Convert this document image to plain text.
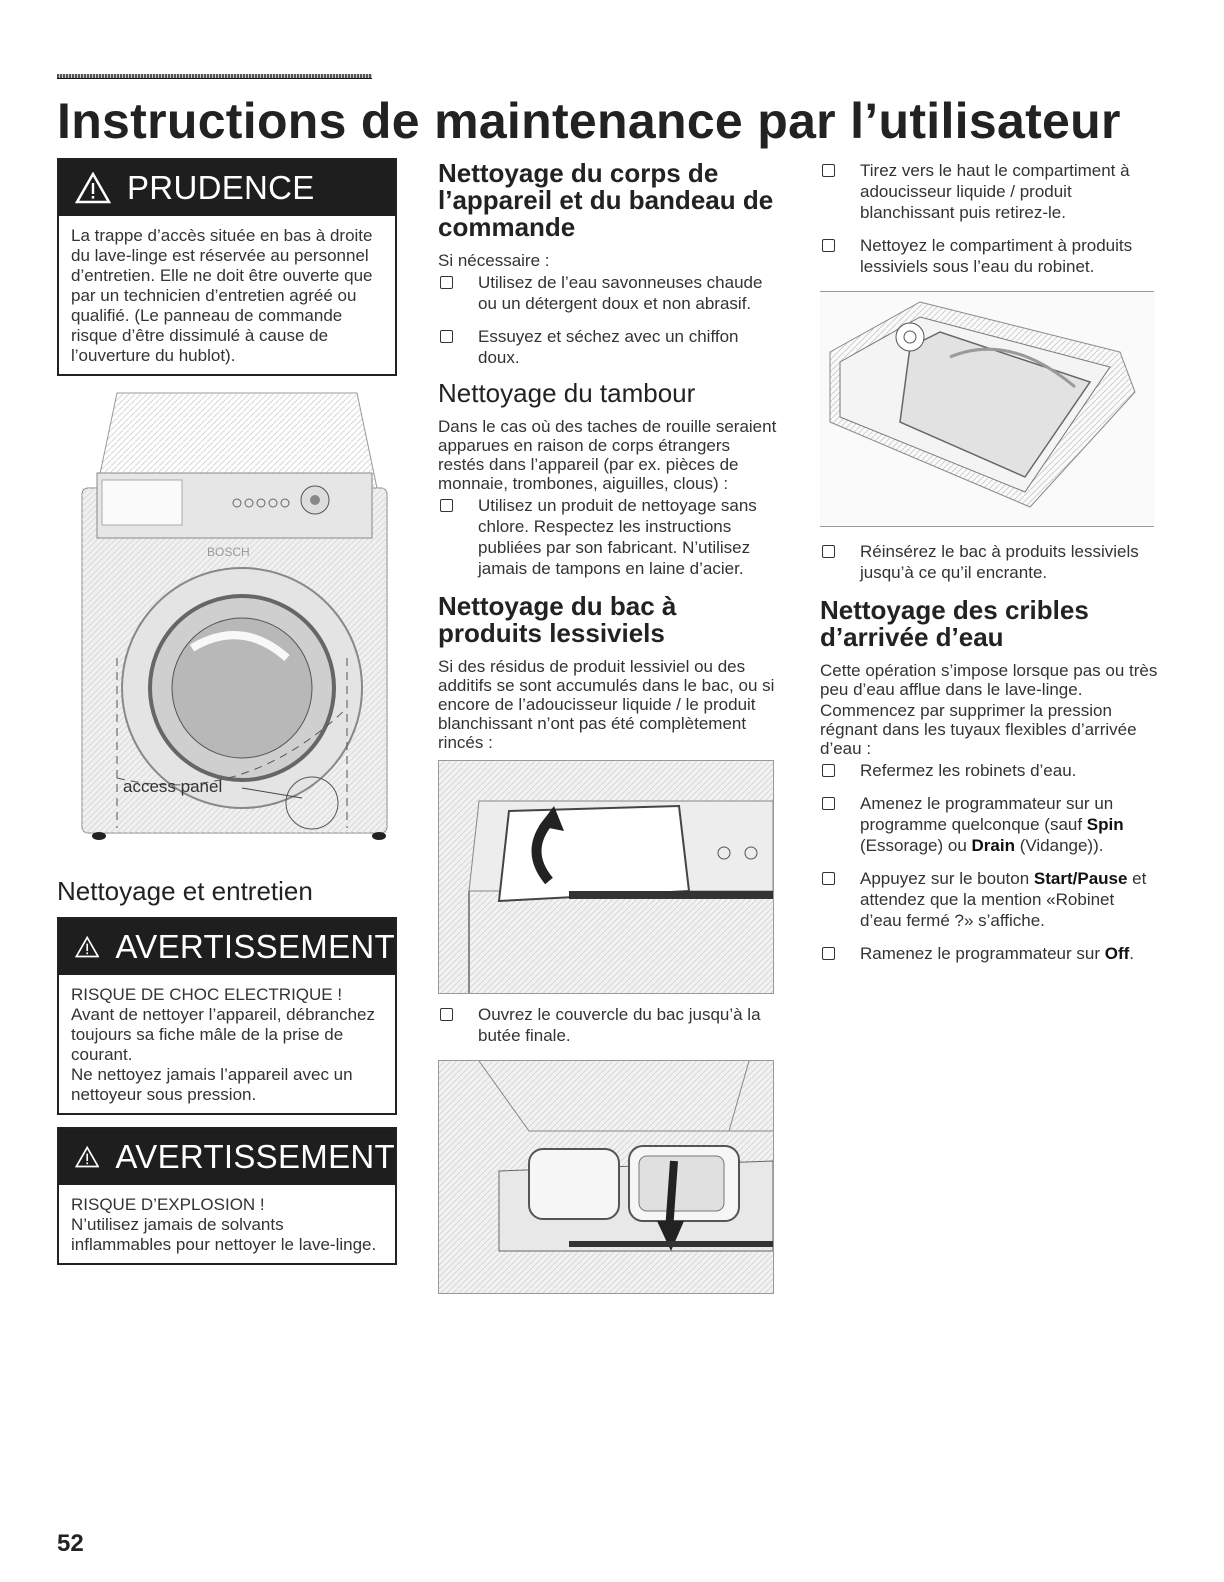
Instructions de maintenance par l’utilisateur
PRUDENCE

La trappe d’accès située en bas à droite du lave-linge est réservée au personnel d’entretien. Elle ne doit être ouverte que par un technicien d’entretien agréé ou qualifié. (Le panneau de commande risque d’être dissimulé à cause de l’ouverture du hublot).

BOSCH
access panel
Nettoyage et entretien
AVERTISSEMENT

RISQUE DE CHOC ELECTRIQUE !

Avant de nettoyer l’appareil, débranchez toujours sa fiche mâle de la prise de courant.

Ne nettoyez jamais l’appareil avec un nettoyeur sous pression.

AVERTISSEMENT

RISQUE D’EXPLOSION !

N’utilisez jamais de solvants inflammables pour nettoyer le lave-linge.

Nettoyage du corps de l’appareil et du bandeau de commande

Si nécessaire :

Utilisez de l’eau savonneuses chaude ou un détergent doux et non abrasif.
Essuyez et séchez avec un chiffon doux.
Nettoyage du tambour

Dans le cas où des taches de rouille seraient apparues en raison de corps étrangers restés dans l’appareil (par ex. pièces de monnaie, trombones, aiguilles, clous) :

Utilisez un produit de nettoyage sans chlore. Respectez les instructions publiées par son fabricant. N’utilisez jamais de tampons en laine d’acier.
Nettoyage du bac à produits lessiviels

Si des résidus de produit lessiviel ou des additifs se sont accumulés dans le bac, ou si encore de l’adoucisseur liquide / le produit blanchissant n’ont pas été complètement rincés :

Ouvrez le couvercle du bac jusqu’à la butée finale.
Tirez vers le haut le compartiment à adoucisseur liquide / produit blanchissant puis retirez-le.
Nettoyez le compartiment à produits lessiviels sous l’eau du robinet.
Réinsérez le bac à produits lessiviels jusqu’à ce qu’il encrante.
Nettoyage des cribles d’arrivée d’eau

Cette opération s’impose lorsque pas ou très peu d’eau afflue dans le lave-linge.

Commencez par supprimer la pression régnant dans les tuyaux flexibles d’arrivée d’eau :

Refermez les robinets d’eau.
Amenez le programmateur sur un programme quelconque (sauf Spin (Essorage) ou Drain (Vidange)).
Appuyez sur le bouton Start/Pause et attendez que la mention «Robinet d’eau fermé ?» s’affiche.
Ramenez le programmateur sur Off.
52
